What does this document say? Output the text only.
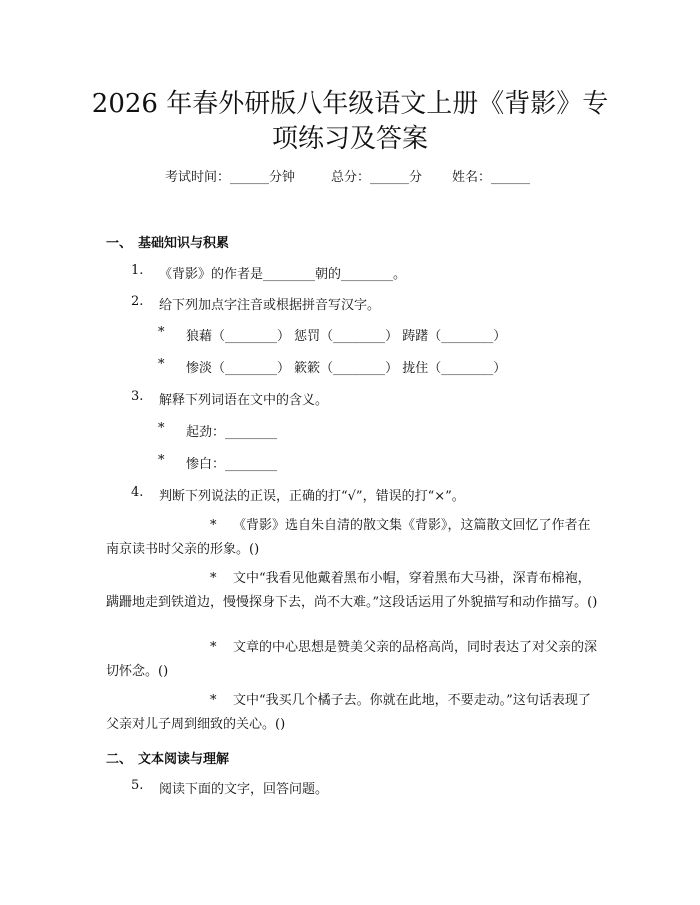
2026 年春外研版八年级语文上册《背影》专
项练习及答案
考试时间：______分钟	总分：______分 姓名：______
一、 基础知识与积累
1. 《背影》的作者是________朝的________。
2. 给下列加点字注音或根据拼音写汉字。
* 狼藉（________） 惩罚（________） 踌躇（________）
* 惨淡（________） 簌簌（________） 拢住（________）
3. 解释下列词语在文中的含义。
* 起劲：________
* 惨白：________
4. 判断下列说法的正误，正确的打“√”，错误的打“×”。
* 《背影》选自朱自清的散文集《背影》，这篇散文回忆了作者在南京读书时父亲的形象。()
* 文中“我看见他戴着黑布小帽，穿着黑布大马褂，深青布棉袍，蹒跚地走到铁道边，慢慢探身下去，尚不大难。”这段话运用了外貌描写和动作描写。()
* 文章的中心思想是赞美父亲的品格高尚，同时表达了对父亲的深切怀念。()
* 文中“我买几个橘子去。你就在此地，不要走动。”这句话表现了父亲对儿子周到细致的关心。()
二、 文本阅读与理解
5. 阅读下面的文字，回答问题。
